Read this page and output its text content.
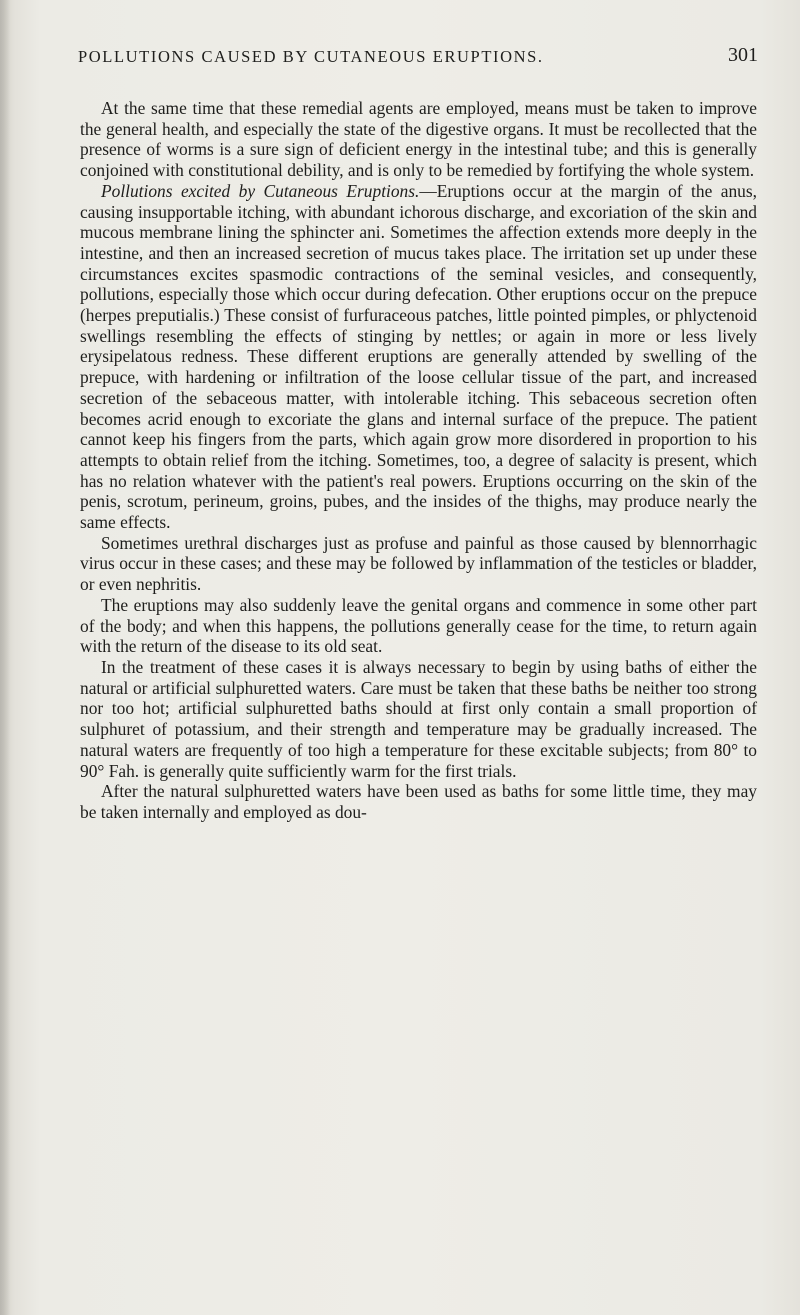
POLLUTIONS CAUSED BY CUTANEOUS ERUPTIONS.	301

At the same time that these remedial agents are employed, means must be taken to improve the general health, and especially the state of the digestive organs. It must be recollected that the presence of worms is a sure sign of deficient energy in the intestinal tube; and this is generally conjoined with constitutional debility, and is only to be remedied by fortifying the whole system.

Pollutions excited by Cutaneous Eruptions.—Eruptions occur at the margin of the anus, causing insupportable itching, with abundant ichorous discharge, and excoriation of the skin and mucous membrane lining the sphincter ani. Sometimes the affection extends more deeply in the intestine, and then an increased secretion of mucus takes place. The irritation set up under these circumstances excites spasmodic contractions of the seminal vesicles, and consequently, pollutions, especially those which occur during defecation. Other eruptions occur on the prepuce (herpes preputialis.) These consist of furfuraceous patches, little pointed pimples, or phlyctenoid swellings resembling the effects of stinging by nettles; or again in more or less lively erysipelatous redness. These different eruptions are generally attended by swelling of the prepuce, with hardening or infiltration of the loose cellular tissue of the part, and increased secretion of the sebaceous matter, with intolerable itching. This sebaceous secretion often becomes acrid enough to excoriate the glans and internal surface of the prepuce. The patient cannot keep his fingers from the parts, which again grow more disordered in proportion to his attempts to obtain relief from the itching. Sometimes, too, a degree of salacity is present, which has no relation whatever with the patient's real powers. Eruptions occurring on the skin of the penis, scrotum, perineum, groins, pubes, and the insides of the thighs, may produce nearly the same effects.

Sometimes urethral discharges just as profuse and painful as those caused by blennorrhagic virus occur in these cases; and these may be followed by inflammation of the testicles or bladder, or even nephritis.

The eruptions may also suddenly leave the genital organs and commence in some other part of the body; and when this happens, the pollutions generally cease for the time, to return again with the return of the disease to its old seat.

In the treatment of these cases it is always necessary to begin by using baths of either the natural or artificial sulphuretted waters. Care must be taken that these baths be neither too strong nor too hot; artificial sulphuretted baths should at first only contain a small proportion of sulphuret of potassium, and their strength and temperature may be gradually increased. The natural waters are frequently of too high a temperature for these excitable subjects; from 80° to 90° Fah. is generally quite sufficiently warm for the first trials.

After the natural sulphuretted waters have been used as baths for some little time, they may be taken internally and employed as dou-
